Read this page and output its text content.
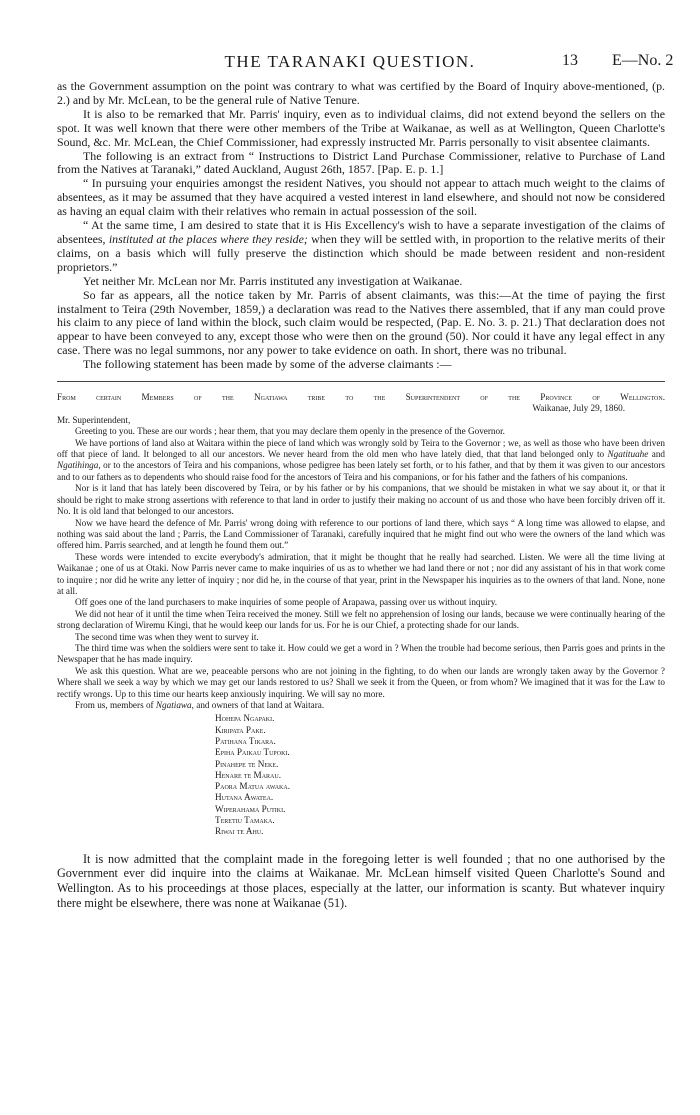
THE TARANAKI QUESTION.	13 E—No. 2

as the Government assumption on the point was contrary to what was certified by the Board of Inquiry above-mentioned, (p. 2.) and by Mr. McLean, to be the general rule of Native Tenure.

It is also to be remarked that Mr. Parris' inquiry, even as to individual claims, did not extend beyond the sellers on the spot. It was well known that there were other members of the Tribe at Waikanae, as well as at Wellington, Queen Charlotte's Sound, &c. Mr. McLean, the Chief Commissioner, had expressly instructed Mr. Parris personally to visit absentee claimants.

The following is an extract from “ Instructions to District Land Purchase Commissioner, relative to Purchase of Land from the Natives at Taranaki,” dated Auckland, August 26th, 1857. [Pap. E. p. 1.]

“ In pursuing your enquiries amongst the resident Natives, you should not appear to attach much weight to the claims of absentees, as it may be assumed that they have acquired a vested interest in land elsewhere, and should not now be considered as having an equal claim with their relatives who remain in actual possession of the soil.

“ At the same time, I am desired to state that it is His Excellency's wish to have a separate investigation of the claims of absentees, instituted at the places where they reside; when they will be settled with, in proportion to the relative merits of their claims, on a basis which will fully preserve the distinction which should be made between resident and non-resident proprietors.”

Yet neither Mr. McLean nor Mr. Parris instituted any investigation at Waikanae.

So far as appears, all the notice taken by Mr. Parris of absent claimants, was this:—At the time of paying the first instalment to Teira (29th November, 1859,) a declaration was read to the Natives there assembled, that if any man could prove his claim to any piece of land within the block, such claim would be respected, (Pap. E. No. 3. p. 21.) That declaration does not appear to have been conveyed to any, except those who were then on the ground (50). Nor could it have any legal effect in any case. There was no legal summons, nor any power to take evidence on oath. In short, there was no tribunal.

The following statement has been made by some of the adverse claimants :—

From certain Members of the Ngatiawa tribe to the Superintendent of the Province of Wellington.

Waikanae, July 29, 1860.

Mr. Superintendent,

Greeting to you. These are our words ; hear them, that you may declare them openly in the presence of the Governor.

We have portions of land also at Waitara within the piece of land which was wrongly sold by Teira to the Governor ; we, as well as those who have been driven off that piece of land. It belonged to all our ancestors. We never heard from the old men who have lately died, that that land belonged only to Ngatituahe and Ngatihinga, or to the ancestors of Teira and his companions, whose pedigree has been lately set forth, or to his father, and that by them it was given to our ancestors and to our fathers as to dependents who should raise food for the ancestors of Teira and his companions, or for his father and the fathers of his companions.

Nor is it land that has lately been discovered by Teira, or by his father or by his companions, that we should be mistaken in what we say about it, or that it should be right to make strong assertions with reference to that land in order to justify their making no account of us and those who have been forcibly driven off it. No. It is old land that belonged to our ancestors.

Now we have heard the defence of Mr. Parris' wrong doing with reference to our portions of land there, which says “ A long time was allowed to elapse, and nothing was said about the land ; Parris, the Land Commissioner of Taranaki, carefully inquired that he might find out who were the owners of the land which was offered him. Parris searched, and at length he found them out.”

These words were intended to excite everybody's admiration, that it might be thought that he really had searched. Listen. We were all the time living at Waikanae ; one of us at Otaki. Now Parris never came to make inquiries of us as to whether we had land there or not ; nor did any assistant of his in that work come to inquire ; nor did he write any letter of inquiry ; nor did he, in the course of that year, print in the Newspaper his inquiries as to the owners of that land. None, none at all.

Off goes one of the land purchasers to make inquiries of some people of Arapawa, passing over us without inquiry.

We did not hear of it until the time when Teira received the money. Still we felt no apprehension of losing our lands, because we were continually hearing of the strong declaration of Wiremu Kingi, that he would keep our lands for us. For he is our Chief, a protecting shade for our lands.

The second time was when they went to survey it.

The third time was when the soldiers were sent to take it. How could we get a word in ? When the trouble had become serious, then Parris goes and prints in the Newspaper that he has made inquiry.

We ask this question. What are we, peaceable persons who are not joining in the fighting, to do when our lands are wrongly taken away by the Governor ? Where shall we seek a way by which we may get our lands restored to us? Shall we seek it from the Queen, or from whom? We imagined that it was for the Law to rectify wrongs. Up to this time our hearts keep anxiously inquiring. We will say no more.

From us, members of Ngatiawa, and owners of that land at Waitara.

Hohepa Ngapaki.
Kiripata Pake.
Patihana Tikara.
Epiha Paikau Tupoki.
Pinahepe te Neke.
Henare te Marau.
Paora Matua awaka.
Hutana Awatea.
Wiperahama Putiki.
Teretiu Tamaka.
Riwai te Ahu.

It is now admitted that the complaint made in the foregoing letter is well founded ; that no one authorised by the Government ever did inquire into the claims at Waikanae. Mr. McLean himself visited Queen Charlotte's Sound and Wellington. As to his proceedings at those places, especially at the latter, our information is scanty. But whatever inquiry there might be elsewhere, there was none at Waikanae (51).
